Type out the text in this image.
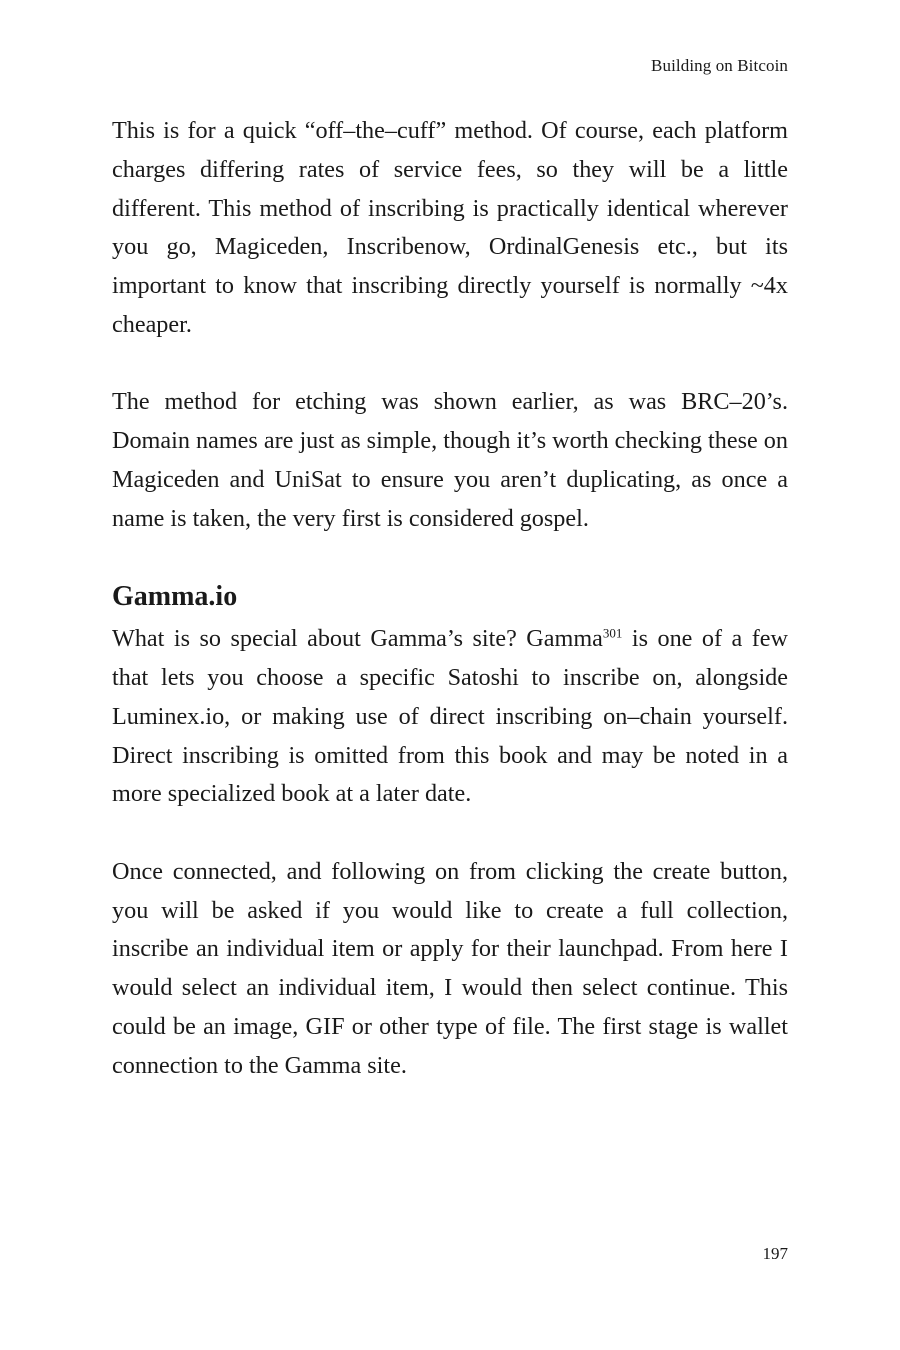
Building on Bitcoin

This is for a quick “off–the–cuff” method. Of course, each platform charges differing rates of service fees, so they will be a little different. This method of inscribing is practically identical wherever you go, Magiceden, Inscribenow, OrdinalGenesis etc., but its important to know that inscribing directly yourself is normally ~4x cheaper.

The method for etching was shown earlier, as was BRC–20’s. Domain names are just as simple, though it’s worth checking these on Magiceden and UniSat to ensure you aren’t duplicating, as once a name is taken, the very first is considered gospel.

Gamma.io

What is so special about Gamma’s site? Gamma$^{301}$ is one of a few that lets you choose a specific Satoshi to inscribe on, alongside Luminex.io, or making use of direct inscribing on–chain yourself. Direct inscribing is omitted from this book and may be noted in a more specialized book at a later date.

Once connected, and following on from clicking the create button, you will be asked if you would like to create a full collection, inscribe an individual item or apply for their launchpad. From here I would select an individual item, I would then select continue. This could be an image, GIF or other type of file. The first stage is wallet connection to the Gamma site.

197
